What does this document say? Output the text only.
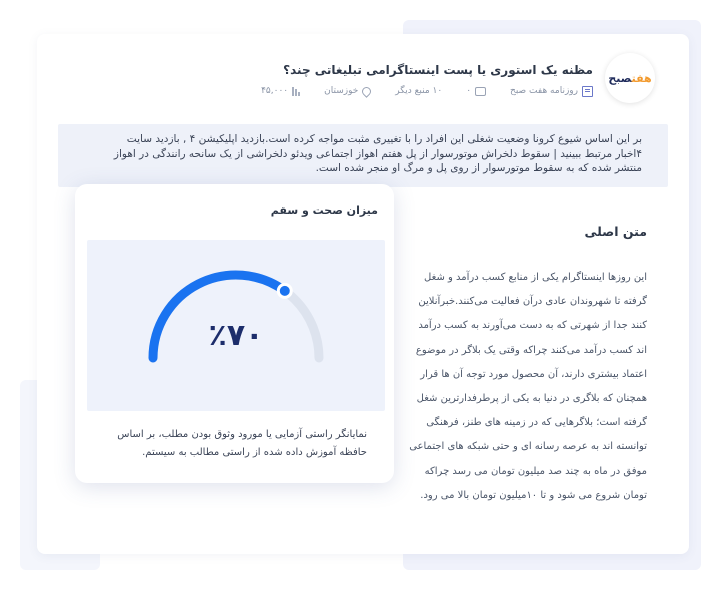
هفتصبح
مظنه یک استوری یا پست اینستاگرامی تبلیغاتی چند؟
روزنامه هفت صبح
۰
۱۰ منبع دیگر
خوزستان
۴۵,۰۰۰
بر این اساس شیوع کرونا وضعیت شغلی این افراد را با تغییری مثبت مواجه کرده است.بازدید اپلیکیشن ۴ , بازدید سایت
۴اخبار مرتبط ببینید | سقوط دلخراش موتورسوار از پل هفتم اهواز اجتماعی ویدئو دلخراشی از یک سانحه رانندگی در اهواز
منتشر شده که به سقوط موتورسوار از روی پل و مرگ او منجر شده است.
متن اصلی

این روزها اینستاگرام یکی از منابع کسب درآمد و شغل

گرفته تا شهروندان عادی درآن فعالیت می‌کنند.خبرآنلاین

کنند جدا از شهرتی که به دست می‌آورند به کسب درآمد

اند کسب درآمد می‌کنند چراکه وقتی یک بلاگر در موضوع

اعتماد بیشتری دارند، آن محصول مورد توجه آن ها قرار

همچنان که بلاگری در دنیا به یکی از پرطرفدارترین شغل

گرفته است؛ بلاگرهایی که در زمینه های طنز، فرهنگی

توانسته اند به عرصه رسانه ای و حتی شبکه های اجتماعی

موفق در ماه به چند صد میلیون تومان می رسد چراکه

تومان شروع می شود و تا ۱۰میلیون تومان بالا می رود.

میزان صحت و سقم
٪۷۰
نمایانگر راستی آزمایی یا مورود وثوق بودن مطلب، بر اساس حافظه آموزش داده شده از راستی مطالب به سیستم.
